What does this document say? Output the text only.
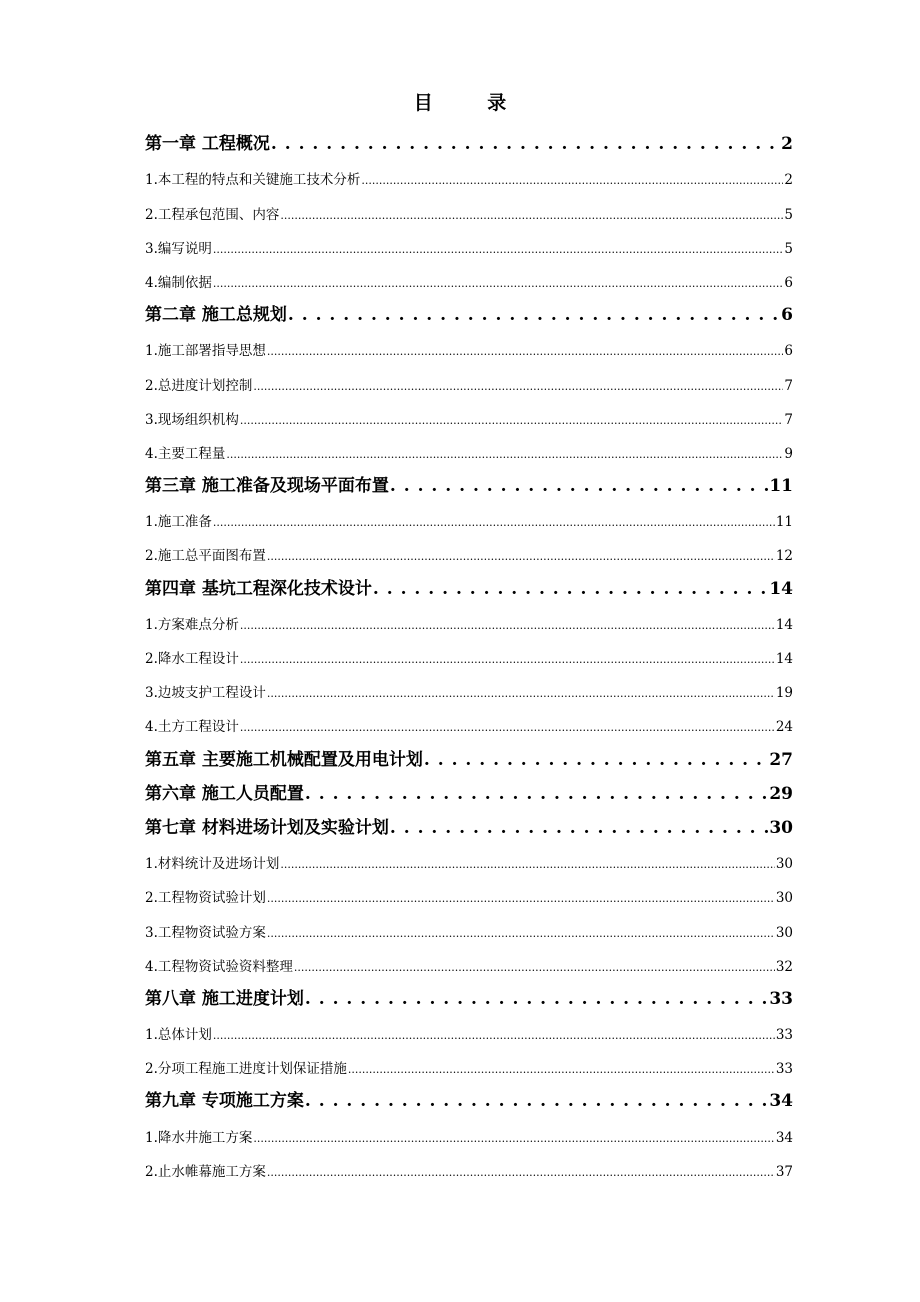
目 录
第一章 工程概况 . . .	2
1.本工程的特点和关键施工技术分析 .....	2
2.工程承包范围、内容 .....	5
3.编写说明 .....	5
4.编制依据 .....	6
第二章 施工总规划 . . .	6
1.施工部署指导思想 .....	6
2.总进度计划控制 .....	7
3.现场组织机构 .....	7
4.主要工程量 .....	9
第三章 施工准备及现场平面布置 . . .	11
1.施工准备 .....	11
2.施工总平面图布置 .....	12
第四章 基坑工程深化技术设计 . . .	14
1.方案难点分析 .....	14
2.降水工程设计 .....	14
3.边坡支护工程设计 .....	19
4.土方工程设计 .....	24
第五章 主要施工机械配置及用电计划 . . .	27
第六章 施工人员配置 . . .	29
第七章 材料进场计划及实验计划 . . .	30
1.材料统计及进场计划 .....	30
2.工程物资试验计划 .....	30
3.工程物资试验方案 .....	30
4.工程物资试验资料整理 .....	32
第八章 施工进度计划 . . .	33
1.总体计划 .....	33
2.分项工程施工进度计划保证措施 .....	33
第九章 专项施工方案 . . .	34
1.降水井施工方案 .....	34
2.止水帷幕施工方案 .....	37
